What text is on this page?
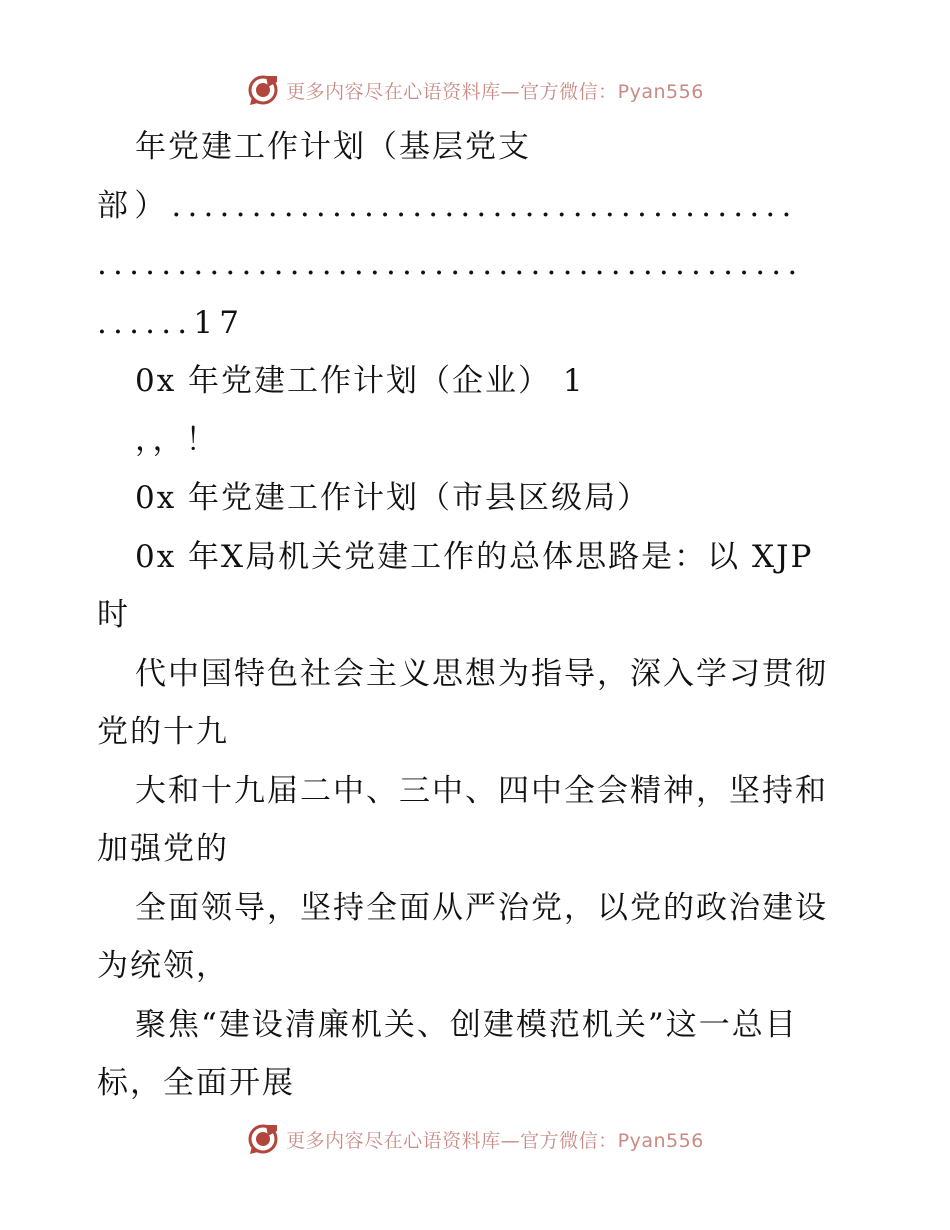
更多内容尽在心语资料库—官方微信：Pyan556
年党建工作计划（基层党支
部）.......................................
............................................
......17
0x 年党建工作计划（企业） 1
，，！
0x 年党建工作计划（市县区级局）
0x 年X局机关党建工作的总体思路是：以 XJP
时
代中国特色社会主义思想为指导，深入学习贯彻
党的十九
大和十九届二中、三中、四中全会精神，坚持和
加强党的
全面领导，坚持全面从严治党，以党的政治建设
为统领，
聚焦“建设清廉机关、创建模范机关”这一总目
标，全面开展
更多内容尽在心语资料库—官方微信：Pyan556
